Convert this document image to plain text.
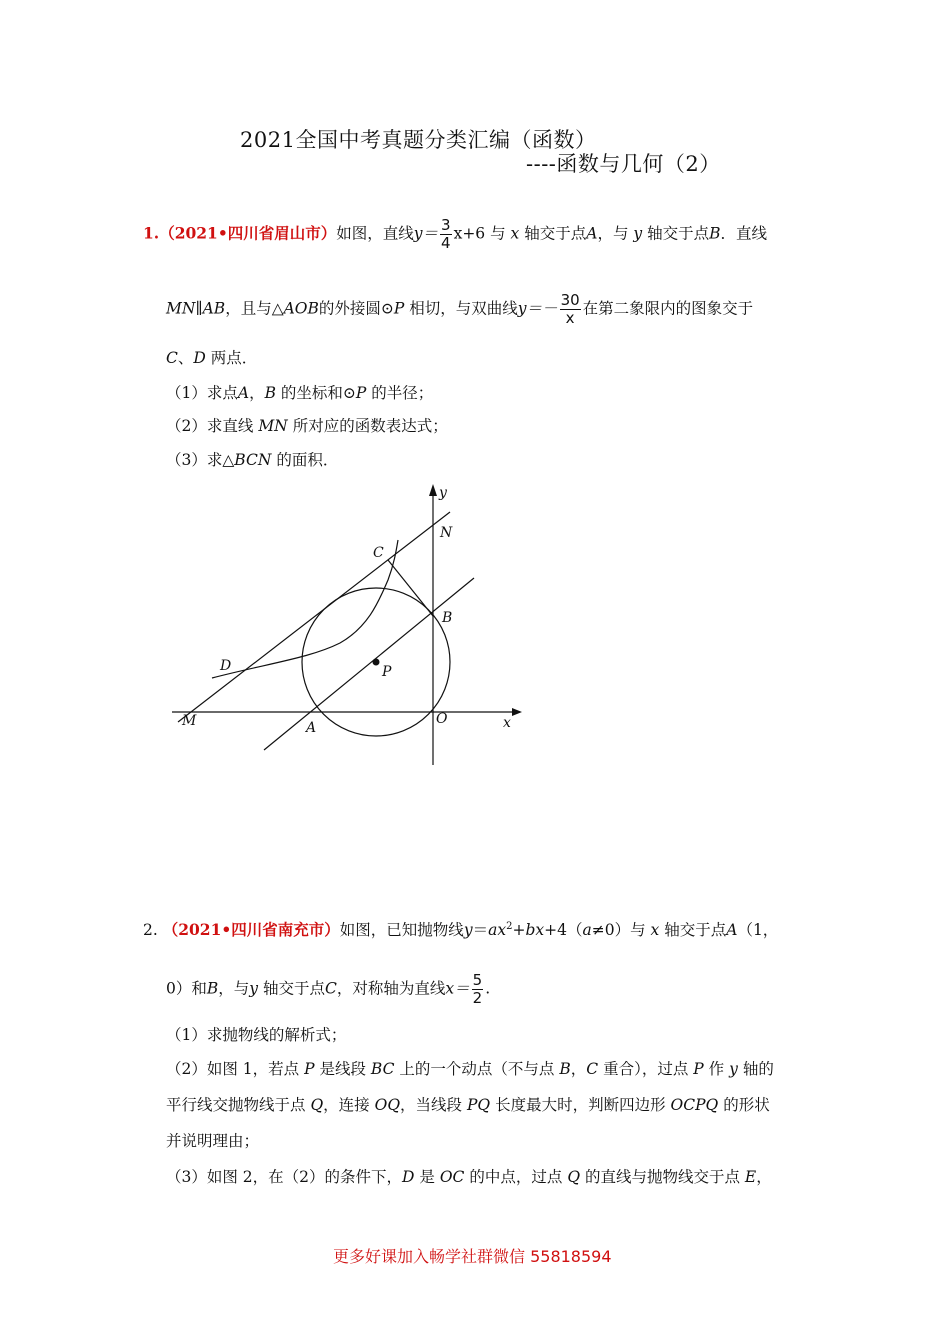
2021全国中考真题分类汇编（函数）
----函数与几何（2）
1.（2021•四川省眉山市）如图，直线$y= \frac{3}{4} x+6$ 与 x 轴交于点A，与 y 轴交于点B．直线
MN∥AB，且与△AOB的外接圆⊙P 相切，与双曲线$y=- \frac{30}{x}$ 在第二象限内的图象交于
C、D 两点．
（1）求点A，B 的坐标和⊙P 的半径；
（2）求直线 MN 所对应的函数表达式；
（3）求△BCN 的面积．
y
N
C
B
D	P
M	A
O	x
2. （2021•四川省南充市）如图，已知抛物线$y=ax^2+bx+4(a\ne 0)$与 x 轴交于点A（1，
0）和B，与y 轴交于点C，对称轴为直线$x= \frac{5}{2}$ .
（1）求抛物线的解析式；
（2）如图 1，若点 P 是线段 BC 上的一个动点（不与点 B，C 重合），过点 P 作 y 轴的
平行线交抛物线于点 Q，连接 OQ，当线段 PQ 长度最大时，判断四边形 OCPQ 的形状
并说明理由；
（3）如图 2，在（2）的条件下，D 是 OC 的中点，过点 Q 的直线与抛物线交于点 E，
更多好课加入畅学社群微信 55818594
